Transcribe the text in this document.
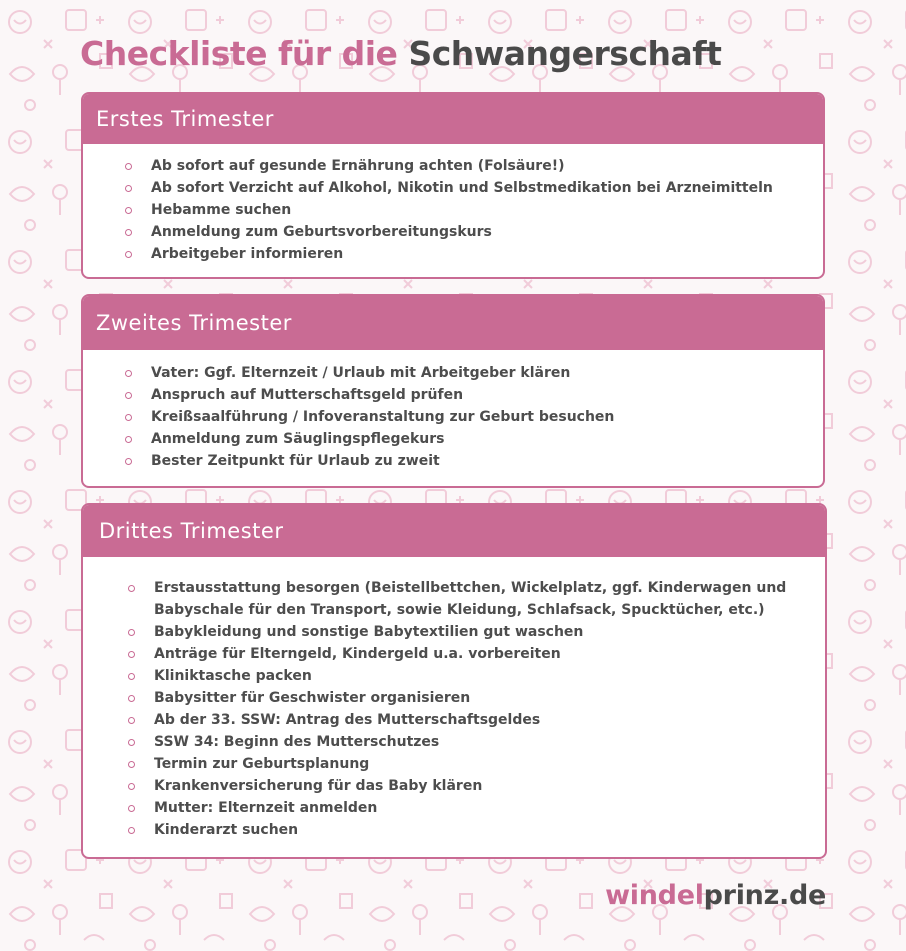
Checkliste für die Schwangerschaft
Erstes Trimester
Ab sofort auf gesunde Ernährung achten (Folsäure!)
Ab sofort Verzicht auf Alkohol, Nikotin und Selbstmedikation bei Arzneimitteln
Hebamme suchen
Anmeldung zum Geburtsvorbereitungskurs
Arbeitgeber informieren
Zweites Trimester
Vater: Ggf. Elternzeit / Urlaub mit Arbeitgeber klären
Anspruch auf Mutterschaftsgeld prüfen
Kreißsaalführung / Infoveranstaltung zur Geburt besuchen
Anmeldung zum Säuglingspflegekurs
Bester Zeitpunkt für Urlaub zu zweit
Drittes Trimester
Erstausstattung besorgen (Beistellbettchen, Wickelplatz, ggf. Kinderwagen und Babyschale für den Transport, sowie Kleidung, Schlafsack, Spucktücher, etc.)
Babykleidung und sonstige Babytextilien gut waschen
Anträge für Elterngeld, Kindergeld u.a. vorbereiten
Kliniktasche packen
Babysitter für Geschwister organisieren
Ab der 33. SSW: Antrag des Mutterschaftsgeldes
SSW 34: Beginn des Mutterschutzes
Termin zur Geburtsplanung
Krankenversicherung für das Baby klären
Mutter: Elternzeit anmelden
Kinderarzt suchen
windelprinz.de
